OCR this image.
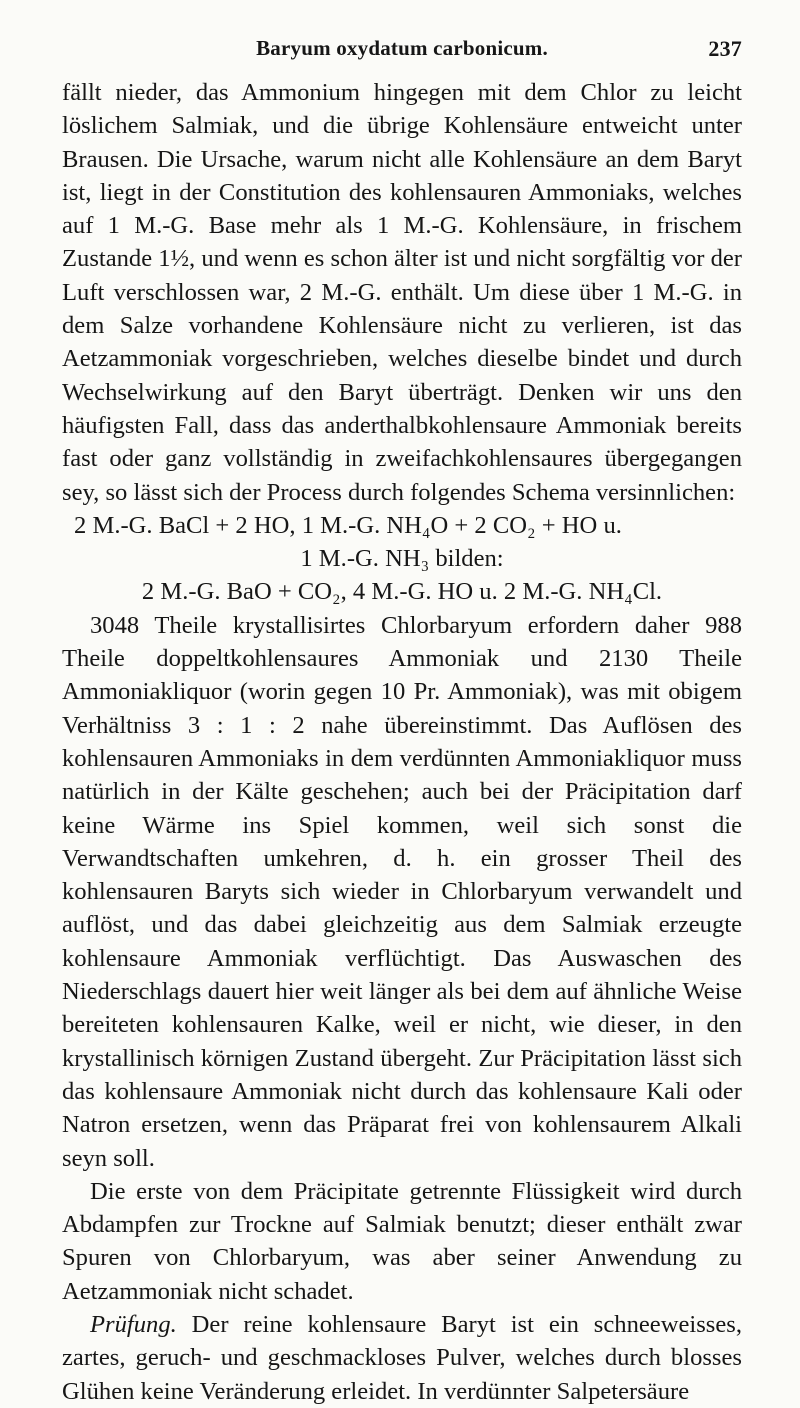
Baryum oxydatum carbonicum.	237

fällt nieder, das Ammonium hingegen mit dem Chlor zu leicht löslichem Salmiak, und die übrige Kohlensäure entweicht unter Brausen. Die Ursache, warum nicht alle Kohlensäure an dem Baryt ist, liegt in der Constitution des kohlensauren Ammoniaks, welches auf 1 M.-G. Base mehr als 1 M.-G. Kohlensäure, in frischem Zustande 1½, und wenn es schon älter ist und nicht sorgfältig vor der Luft verschlossen war, 2 M.-G. enthält. Um diese über 1 M.-G. in dem Salze vorhandene Kohlensäure nicht zu verlieren, ist das Aetzammoniak vorgeschrieben, welches dieselbe bindet und durch Wechselwirkung auf den Baryt überträgt. Denken wir uns den häufigsten Fall, dass das anderthalbkohlensaure Ammoniak bereits fast oder ganz vollständig in zweifachkohlensaures übergegangen sey, so lässt sich der Process durch folgendes Schema versinnlichen:

2 M.-G. BaCl + 2 HO, 1 M.-G. NH₄O + 2 CO₂ + HO u.
1 M.-G. NH₃ bilden:
2 M.-G. BaO + CO₂, 4 M.-G. HO u. 2 M.-G. NH₄Cl.

3048 Theile krystallisirtes Chlorbaryum erfordern daher 988 Theile doppeltkohlensaures Ammoniak und 2130 Theile Ammoniakliquor (worin gegen 10 Pr. Ammoniak), was mit obigem Verhältniss 3 : 1 : 2 nahe übereinstimmt. Das Auflösen des kohlensauren Ammoniaks in dem verdünnten Ammoniakliquor muss natürlich in der Kälte geschehen; auch bei der Präcipitation darf keine Wärme ins Spiel kommen, weil sich sonst die Verwandtschaften umkehren, d. h. ein grosser Theil des kohlensauren Baryts sich wieder in Chlorbaryum verwandelt und auflöst, und das dabei gleichzeitig aus dem Salmiak erzeugte kohlensaure Ammoniak verflüchtigt. Das Auswaschen des Niederschlags dauert hier weit länger als bei dem auf ähnliche Weise bereiteten kohlensauren Kalke, weil er nicht, wie dieser, in den krystallinisch körnigen Zustand übergeht. Zur Präcipitation lässt sich das kohlensaure Ammoniak nicht durch das kohlensaure Kali oder Natron ersetzen, wenn das Präparat frei von kohlensaurem Alkali seyn soll.

Die erste von dem Präcipitate getrennte Flüssigkeit wird durch Abdampfen zur Trockne auf Salmiak benutzt; dieser enthält zwar Spuren von Chlorbaryum, was aber seiner Anwendung zu Aetzammoniak nicht schadet.

Prüfung. Der reine kohlensaure Baryt ist ein schneeweisses, zartes, geruch- und geschmackloses Pulver, welches durch blosses Glühen keine Veränderung erleidet. In verdünnter Salpetersäure
